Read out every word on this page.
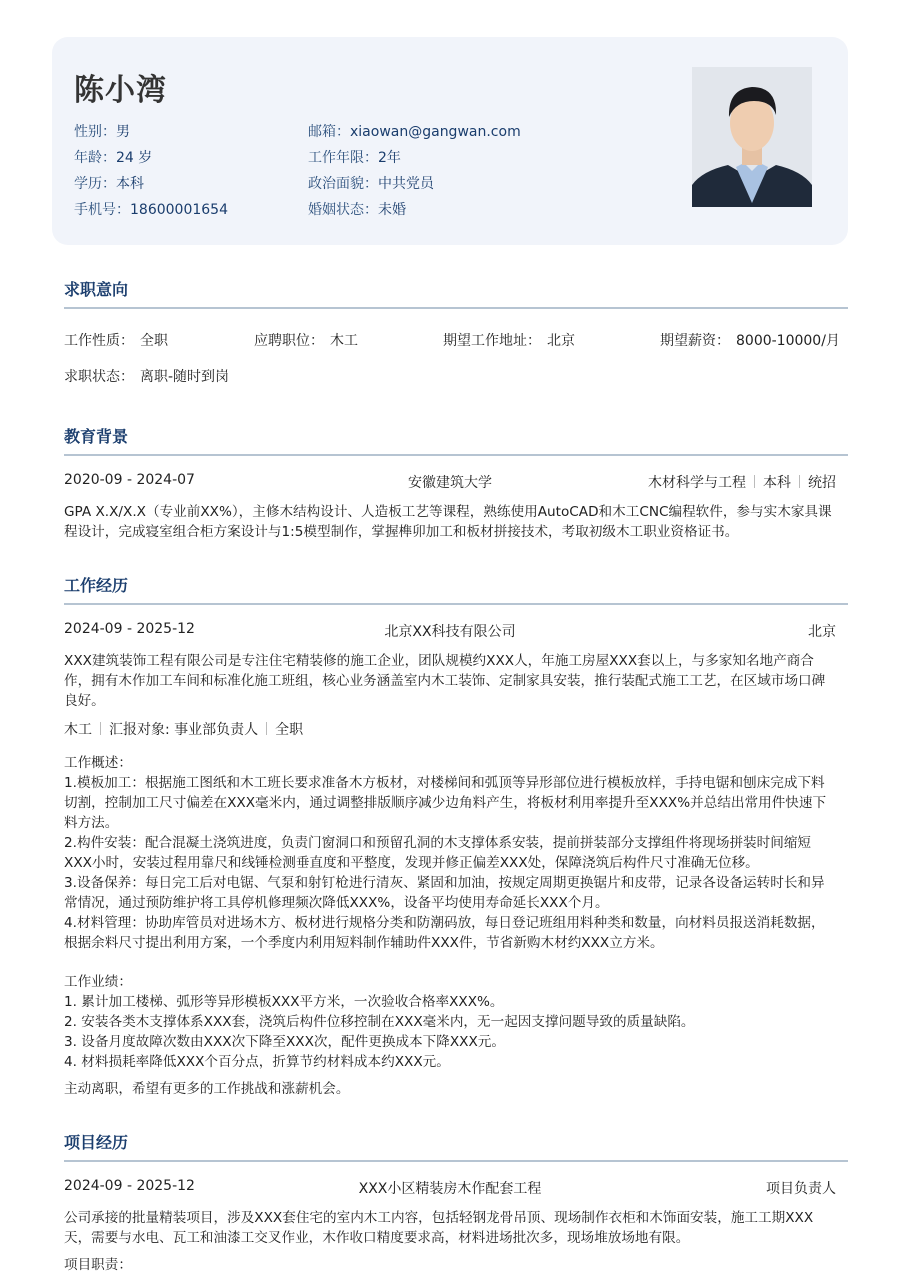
陈小湾
性别：男
年龄：24 岁
学历：本科
手机号：18600001654
邮箱：xiaowan@gangwan.com
工作年限：2年
政治面貌：中共党员
婚姻状态：未婚
求职意向
工作性质： 全职	应聘职位： 木工	期望工作地址： 北京	期望薪资： 8000-10000/月
求职状态： 离职-随时到岗
教育背景
2020-09 - 2024-07	安徽建筑大学	木材科学与工程 本科 统招
GPA X.X/X.X（专业前XX%），主修木结构设计、人造板工艺等课程，熟练使用AutoCAD和木工CNC编程软件，参与实木家具课程设计，完成寝室组合柜方案设计与1:5模型制作，掌握榫卯加工和板材拼接技术，考取初级木工职业资格证书。
工作经历
2024-09 - 2025-12	北京XX科技有限公司	北京
XXX建筑装饰工程有限公司是专注住宅精装修的施工企业，团队规模约XXX人，年施工房屋XXX套以上，与多家知名地产商合作，拥有木作加工车间和标准化施工班组，核心业务涵盖室内木工装饰、定制家具安装，推行装配式施工工艺，在区域市场口碑良好。
木工 汇报对象: 事业部负责人 全职
工作概述：
1.模板加工：根据施工图纸和木工班长要求准备木方板材，对楼梯间和弧顶等异形部位进行模板放样，手持电锯和刨床完成下料切割，控制加工尺寸偏差在XXX毫米内，通过调整排版顺序减少边角料产生，将板材利用率提升至XXX%并总结出常用件快速下料方法。
2.构件安装：配合混凝土浇筑进度，负责门窗洞口和预留孔洞的木支撑体系安装，提前拼装部分支撑组件将现场拼装时间缩短XXX小时，安装过程用靠尺和线锤检测垂直度和平整度，发现并修正偏差XXX处，保障浇筑后构件尺寸准确无位移。
3.设备保养：每日完工后对电锯、气泵和射钉枪进行清灰、紧固和加油，按规定周期更换锯片和皮带，记录各设备运转时长和异常情况，通过预防维护将工具停机修理频次降低XXX%，设备平均使用寿命延长XXX个月。
4.材料管理：协助库管员对进场木方、板材进行规格分类和防潮码放，每日登记班组用料种类和数量，向材料员报送消耗数据，根据余料尺寸提出利用方案，一个季度内利用短料制作辅助件XXX件，节省新购木材约XXX立方米。
工作业绩：
1. 累计加工楼梯、弧形等异形模板XXX平方米，一次验收合格率XXX%。
2. 安装各类木支撑体系XXX套，浇筑后构件位移控制在XXX毫米内，无一起因支撑问题导致的质量缺陷。
3. 设备月度故障次数由XXX次下降至XXX次，配件更换成本下降XXX元。
4. 材料损耗率降低XXX个百分点，折算节约材料成本约XXX元。
主动离职，希望有更多的工作挑战和涨薪机会。
项目经历
2024-09 - 2025-12	XXX小区精装房木作配套工程	项目负责人
公司承接的批量精装项目，涉及XXX套住宅的室内木工内容，包括轻钢龙骨吊顶、现场制作衣柜和木饰面安装，施工工期XXX天，需要与水电、瓦工和油漆工交叉作业，木作收口精度要求高，材料进场批次多，现场堆放场地有限。
项目职责：
